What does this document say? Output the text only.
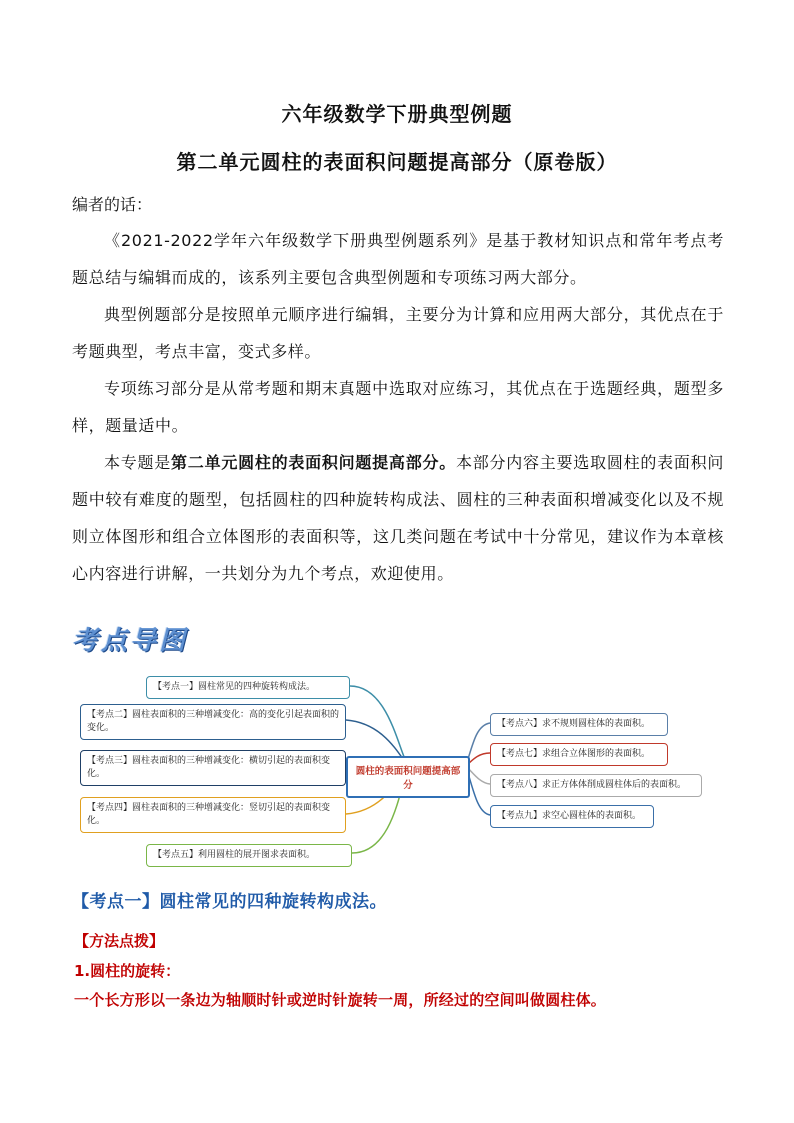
六年级数学下册典型例题
第二单元圆柱的表面积问题提高部分（原卷版）
编者的话：

《2021-2022学年六年级数学下册典型例题系列》是基于教材知识点和常年考点考题总结与编辑而成的，该系列主要包含典型例题和专项练习两大部分。

典型例题部分是按照单元顺序进行编辑，主要分为计算和应用两大部分，其优点在于考题典型，考点丰富，变式多样。

专项练习部分是从常考题和期末真题中选取对应练习，其优点在于选题经典，题型多样，题量适中。

本专题是第二单元圆柱的表面积问题提高部分。本部分内容主要选取圆柱的表面积问题中较有难度的题型，包括圆柱的四种旋转构成法、圆柱的三种表面积增减变化以及不规则立体图形和组合立体图形的表面积等，这几类问题在考试中十分常见，建议作为本章核心内容进行讲解，一共划分为九个考点，欢迎使用。

考点导图
【考点一】圆柱常见的四种旋转构成法。
【考点二】圆柱表面积的三种增减变化：高的变化引起表面积的变化。
【考点三】圆柱表面积的三种增减变化：横切引起的表面积变化。
【考点四】圆柱表面积的三种增减变化：竖切引起的表面积变化。
【考点五】利用圆柱的展开图求表面积。
圆柱的表面积问题提高部分
【考点六】求不规则圆柱体的表面积。
【考点七】求组合立体图形的表面积。
【考点八】求正方体体削成圆柱体后的表面积。
【考点九】求空心圆柱体的表面积。
【考点一】圆柱常见的四种旋转构成法。
【方法点拨】
1.圆柱的旋转：
一个长方形以一条边为轴顺时针或逆时针旋转一周，所经过的空间叫做圆柱体。
